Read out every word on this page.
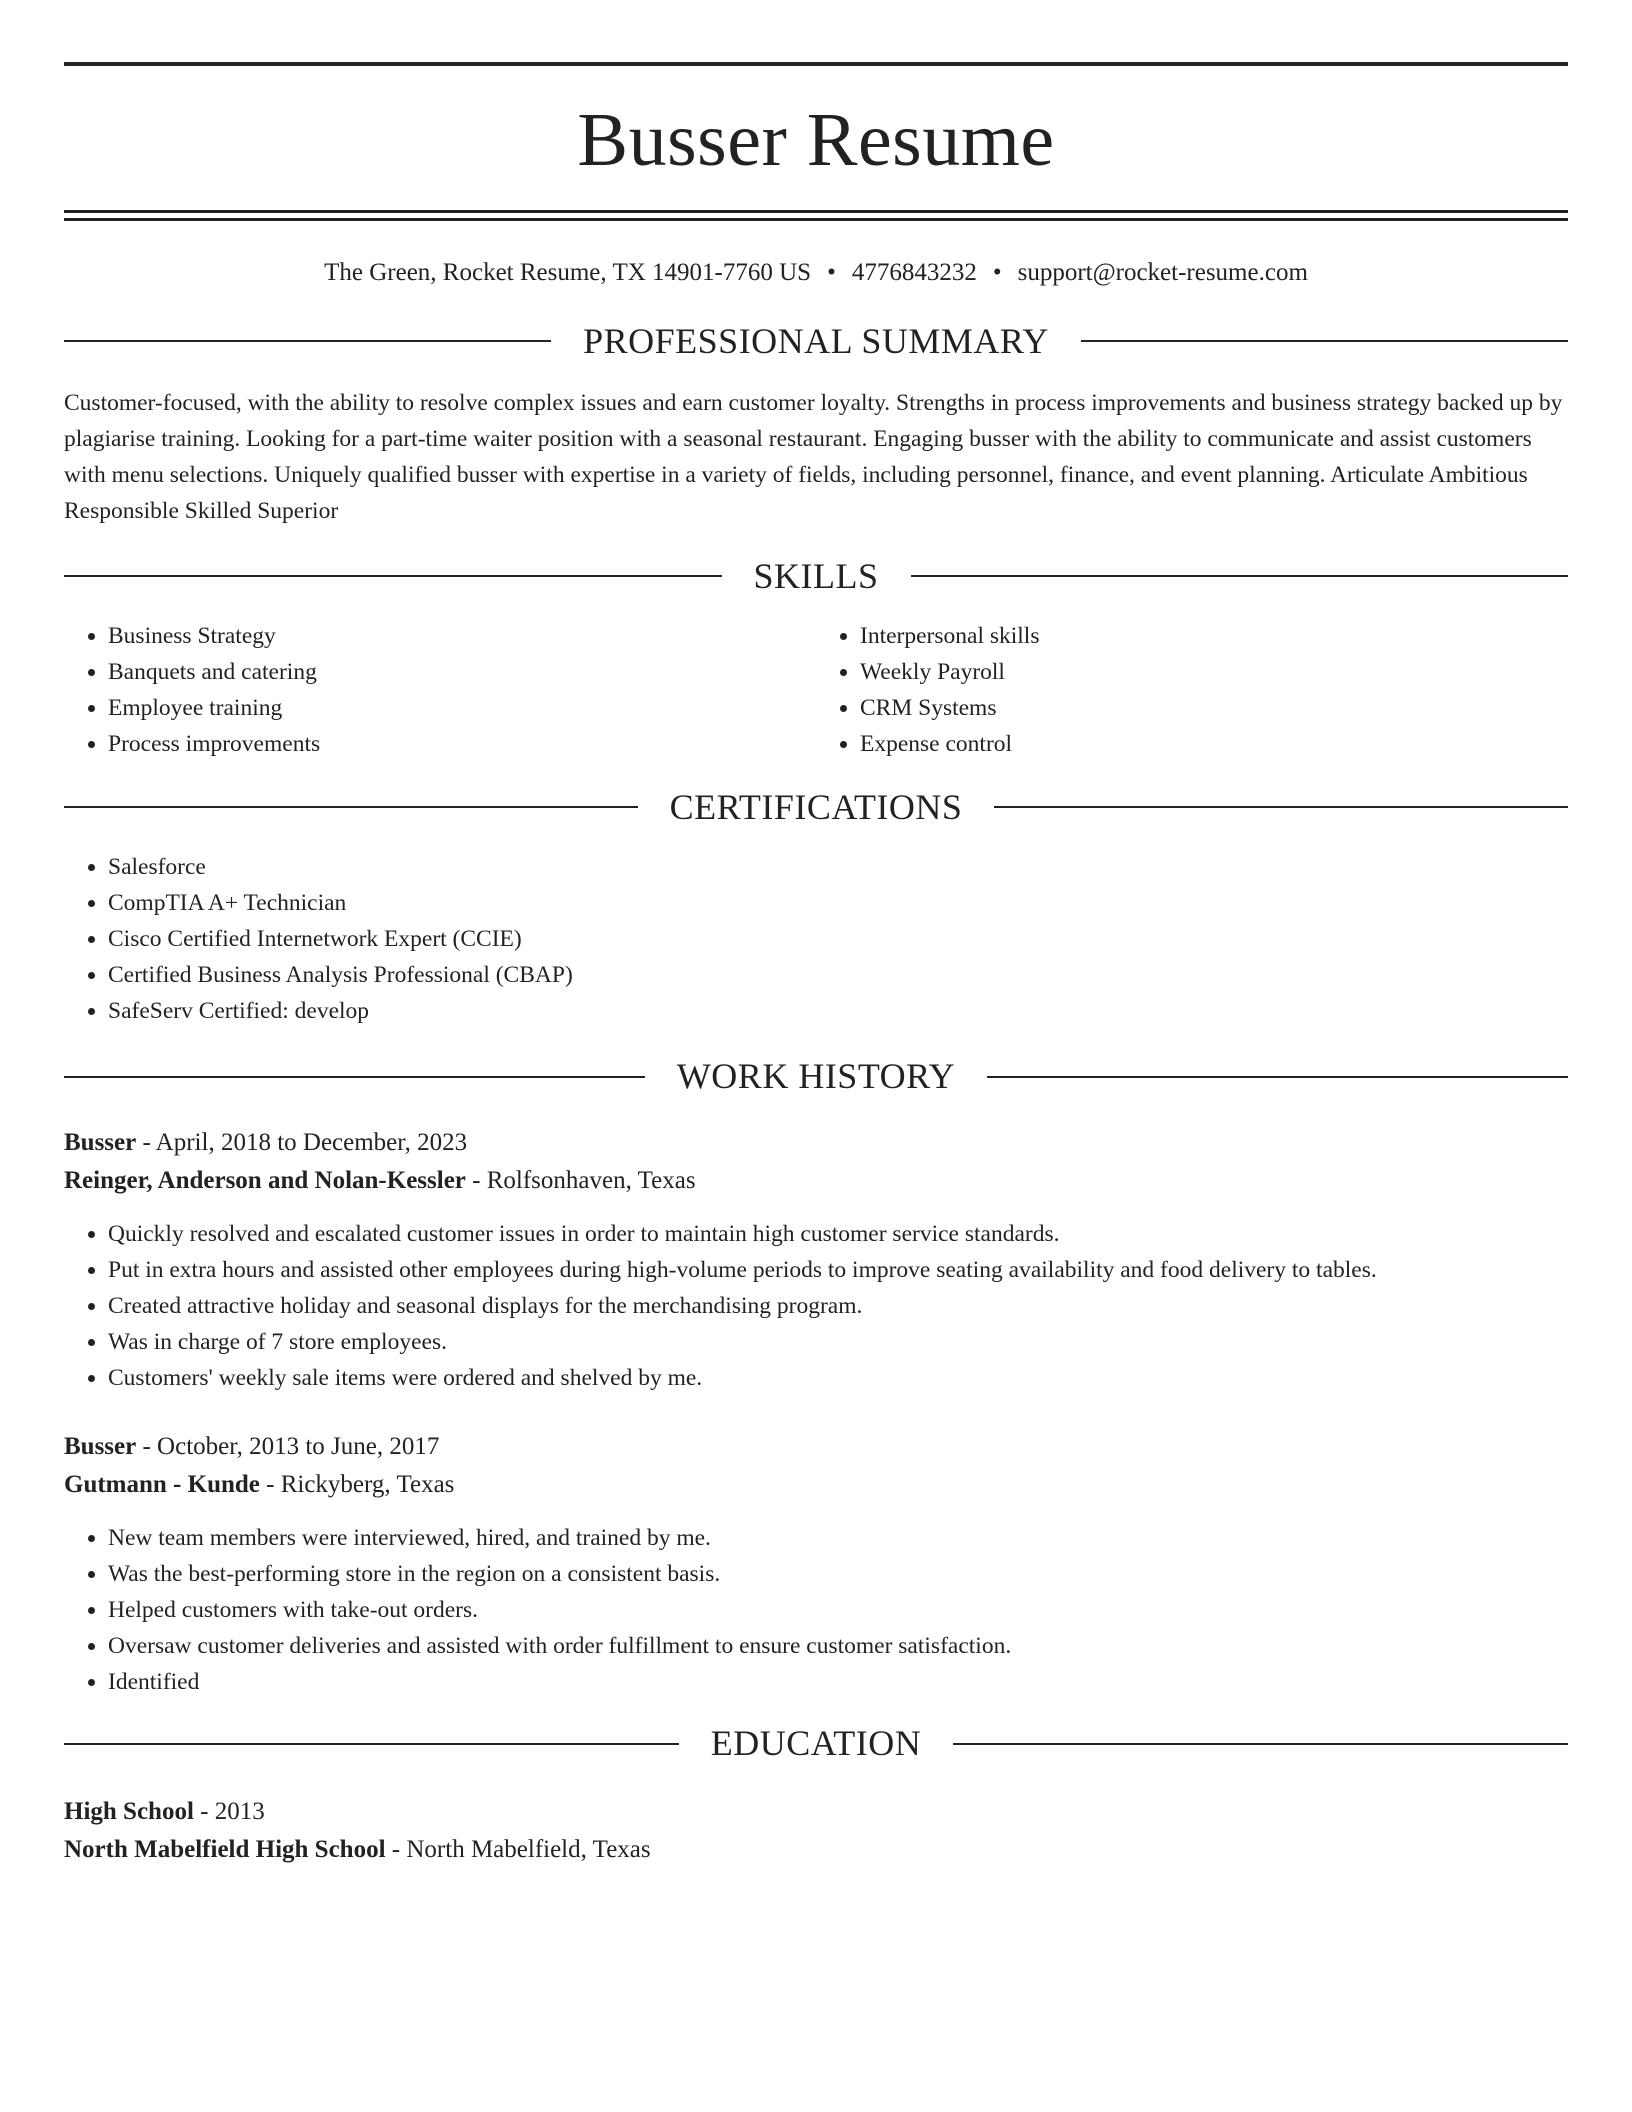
Busser Resume
The Green, Rocket Resume, TX 14901-7760 US • 4776843232 • support@rocket-resume.com
PROFESSIONAL SUMMARY

Customer-focused, with the ability to resolve complex issues and earn customer loyalty. Strengths in process improvements and business strategy backed up by plagiarise training. Looking for a part-time waiter position with a seasonal restaurant. Engaging busser with the ability to communicate and assist customers with menu selections. Uniquely qualified busser with expertise in a variety of fields, including personnel, finance, and event planning. Articulate Ambitious Responsible Skilled Superior

SKILLS
• Business Strategy
• Banquets and catering
• Employee training
• Process improvements
• Interpersonal skills
• Weekly Payroll
• CRM Systems
• Expense control
CERTIFICATIONS
• Salesforce
• CompTIA A+ Technician
• Cisco Certified Internetwork Expert (CCIE)
• Certified Business Analysis Professional (CBAP)
• SafeServ Certified: develop
WORK HISTORY
Busser - April, 2018 to December, 2023
Reinger, Anderson and Nolan-Kessler - Rolfsonhaven, Texas
• Quickly resolved and escalated customer issues in order to maintain high customer service standards.
• Put in extra hours and assisted other employees during high-volume periods to improve seating availability and food delivery to tables.
• Created attractive holiday and seasonal displays for the merchandising program.
• Was in charge of 7 store employees.
• Customers' weekly sale items were ordered and shelved by me.
Busser - October, 2013 to June, 2017
Gutmann - Kunde - Rickyberg, Texas
• New team members were interviewed, hired, and trained by me.
• Was the best-performing store in the region on a consistent basis.
• Helped customers with take-out orders.
• Oversaw customer deliveries and assisted with order fulfillment to ensure customer satisfaction.
• Identified
EDUCATION
High School - 2013
North Mabelfield High School - North Mabelfield, Texas
